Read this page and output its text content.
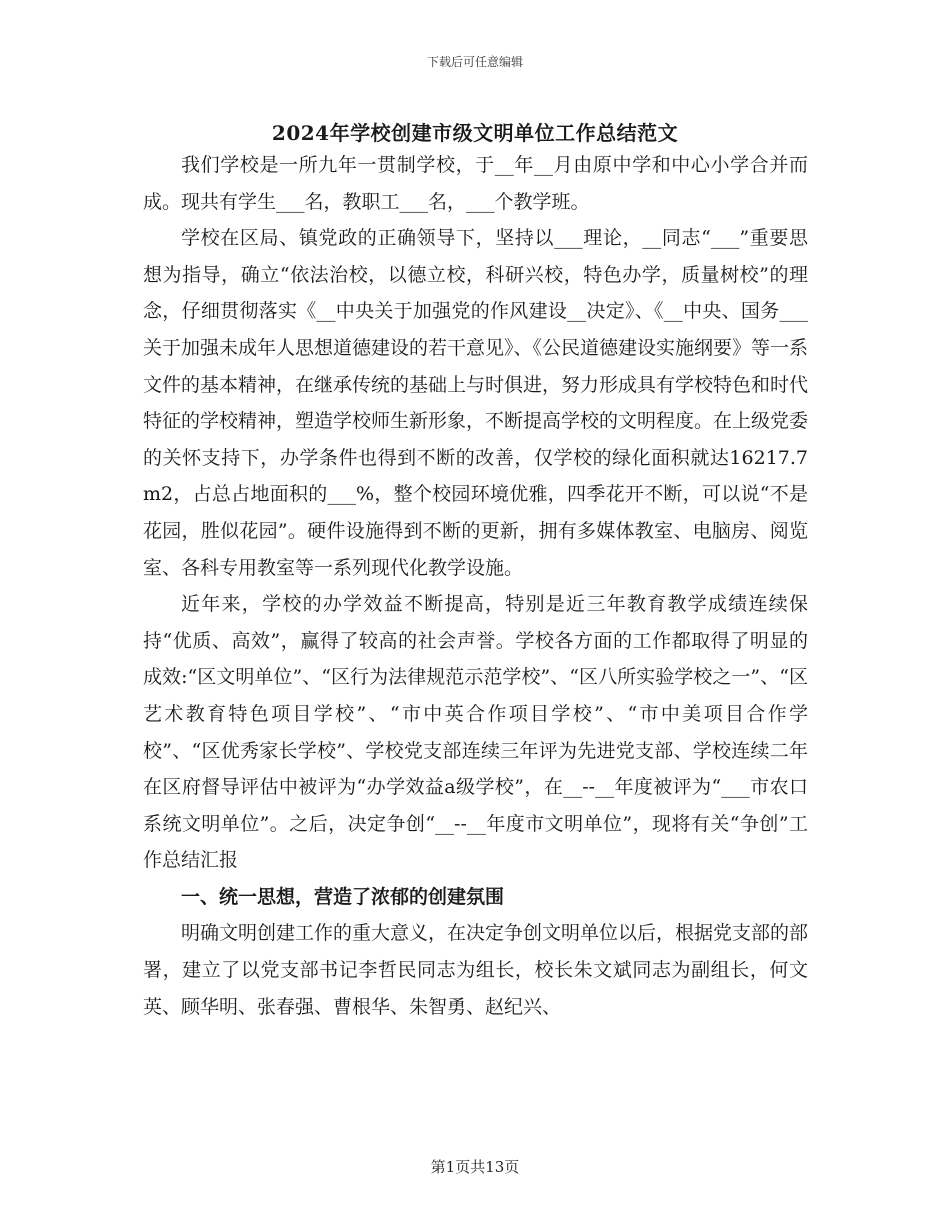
下载后可任意编辑
2024年学校创建市级文明单位工作总结范文

我们学校是一所九年一贯制学校，于__年__月由原中学和中心小学合并而成。现共有学生___名，教职工___名，___个教学班。

学校在区局、镇党政的正确领导下，坚持以___理论，__同志“___”重要思想为指导，确立“依法治校，以德立校，科研兴校，特色办学，质量树校”的理念，仔细贯彻落实《__中央关于加强党的作风建设__决定》、《__中央、国务___关于加强未成年人思想道德建设的若干意见》、《公民道德建设实施纲要》等一系文件的基本精神，在继承传统的基础上与时俱进，努力形成具有学校特色和时代特征的学校精神，塑造学校师生新形象，不断提高学校的文明程度。在上级党委的关怀支持下，办学条件也得到不断的改善，仅学校的绿化面积就达16217.7m2，占总占地面积的___%，整个校园环境优雅，四季花开不断，可以说“不是花园，胜似花园”。硬件设施得到不断的更新，拥有多媒体教室、电脑房、阅览室、各科专用教室等一系列现代化教学设施。

近年来，学校的办学效益不断提高，特别是近三年教育教学成绩连续保持“优质、高效”，赢得了较高的社会声誉。学校各方面的工作都取得了明显的成效:“区文明单位”、“区行为法律规范示范学校”、“区八所实验学校之一”、“区艺术教育特色项目学校”、“市中英合作项目学校”、“市中美项目合作学校”、“区优秀家长学校”、学校党支部连续三年评为先进党支部、学校连续二年在区府督导评估中被评为“办学效益a级学校”，在__--__年度被评为“___市农口系统文明单位”。之后，决定争创“__--__年度市文明单位”，现将有关“争创”工作总结汇报

一、统一思想，营造了浓郁的创建氛围

明确文明创建工作的重大意义，在决定争创文明单位以后，根据党支部的部署，建立了以党支部书记李哲民同志为组长，校长朱文斌同志为副组长，何文英、顾华明、张春强、曹根华、朱智勇、赵纪兴、

第1页共13页
